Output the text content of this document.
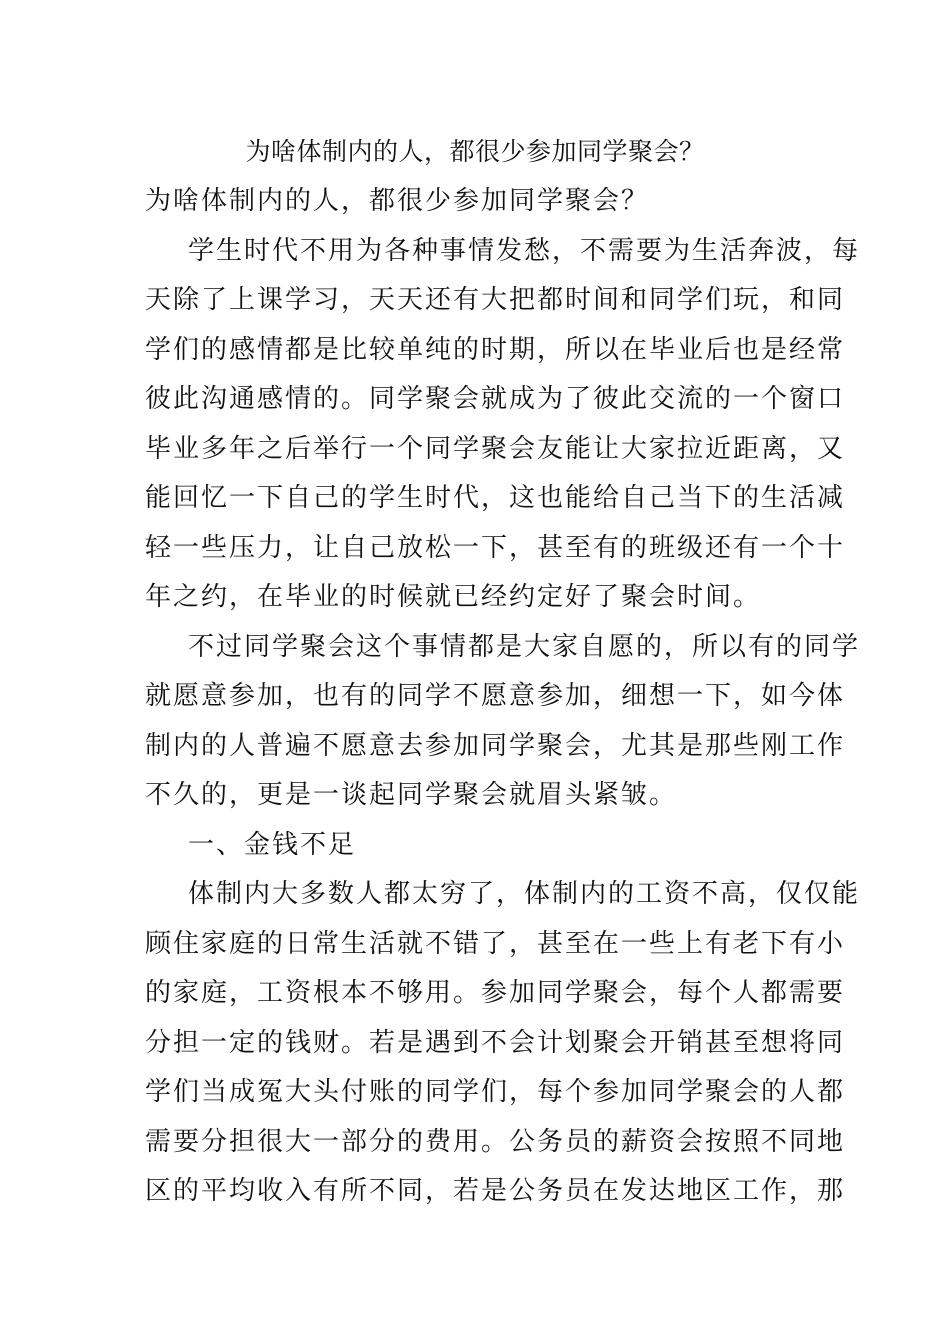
为啥体制内的人，都很少参加同学聚会？
为啥体制内的人，都很少参加同学聚会？
学生时代不用为各种事情发愁，不需要为生活奔波，每
天除了上课学习，天天还有大把都时间和同学们玩，和同
学们的感情都是比较单纯的时期，所以在毕业后也是经常
彼此沟通感情的。同学聚会就成为了彼此交流的一个窗口
毕业多年之后举行一个同学聚会友能让大家拉近距离，又
能回忆一下自己的学生时代，这也能给自己当下的生活减
轻一些压力，让自己放松一下，甚至有的班级还有一个十
年之约，在毕业的时候就已经约定好了聚会时间。
不过同学聚会这个事情都是大家自愿的，所以有的同学
就愿意参加，也有的同学不愿意参加，细想一下，如今体
制内的人普遍不愿意去参加同学聚会，尤其是那些刚工作
不久的，更是一谈起同学聚会就眉头紧皱。
一、金钱不足
体制内大多数人都太穷了，体制内的工资不高，仅仅能
顾住家庭的日常生活就不错了，甚至在一些上有老下有小
的家庭，工资根本不够用。参加同学聚会，每个人都需要
分担一定的钱财。若是遇到不会计划聚会开销甚至想将同
学们当成冤大头付账的同学们，每个参加同学聚会的人都
需要分担很大一部分的费用。公务员的薪资会按照不同地
区的平均收入有所不同，若是公务员在发达地区工作，那
